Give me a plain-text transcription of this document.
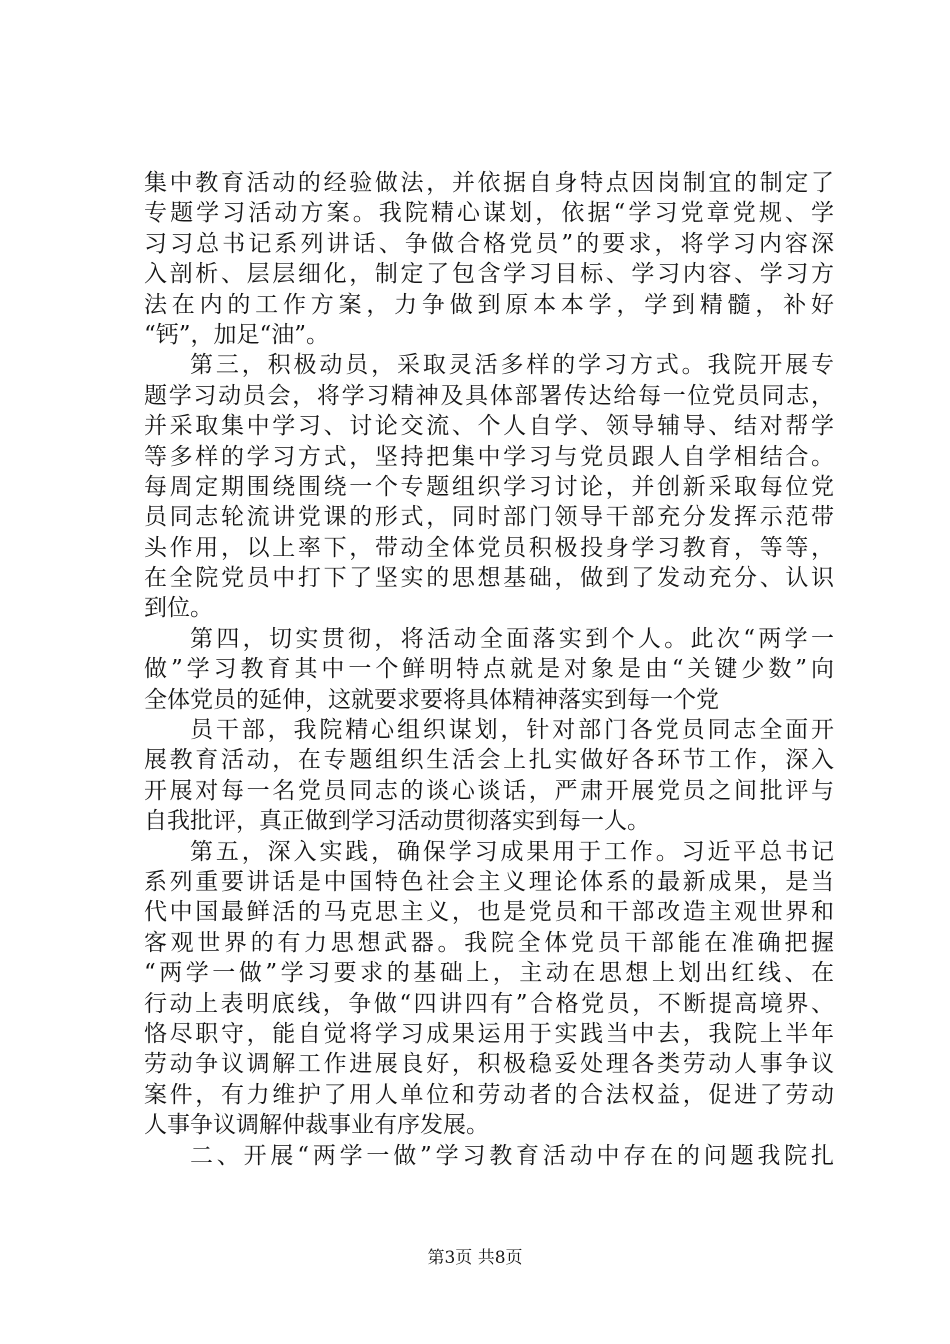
集中教育活动的经验做法，并依据自身特点因岗制宜的制定了
专题学习活动方案。我院精心谋划，依据“学习党章党规、学
习习总书记系列讲话、争做合格党员”的要求，将学习内容深
入剖析、层层细化，制定了包含学习目标、学习内容、学习方
法在内的工作方案，力争做到原本本学，学到精髓，补好
“钙”，加足“油”。
第三，积极动员，采取灵活多样的学习方式。我院开展专
题学习动员会，将学习精神及具体部署传达给每一位党员同志，
并采取集中学习、讨论交流、个人自学、领导辅导、结对帮学
等多样的学习方式，坚持把集中学习与党员跟人自学相结合。
每周定期围绕围绕一个专题组织学习讨论，并创新采取每位党
员同志轮流讲党课的形式，同时部门领导干部充分发挥示范带
头作用，以上率下，带动全体党员积极投身学习教育，等等，
在全院党员中打下了坚实的思想基础，做到了发动充分、认识
到位。
第四，切实贯彻，将活动全面落实到个人。此次“两学一
做”学习教育其中一个鲜明特点就是对象是由“关键少数”向
全体党员的延伸，这就要求要将具体精神落实到每一个党
员干部，我院精心组织谋划，针对部门各党员同志全面开
展教育活动，在专题组织生活会上扎实做好各环节工作，深入
开展对每一名党员同志的谈心谈话，严肃开展党员之间批评与
自我批评，真正做到学习活动贯彻落实到每一人。
第五，深入实践，确保学习成果用于工作。习近平总书记
系列重要讲话是中国特色社会主义理论体系的最新成果，是当
代中国最鲜活的马克思主义，也是党员和干部改造主观世界和
客观世界的有力思想武器。我院全体党员干部能在准确把握
“两学一做”学习要求的基础上，主动在思想上划出红线、在
行动上表明底线，争做“四讲四有”合格党员，不断提高境界、
恪尽职守，能自觉将学习成果运用于实践当中去，我院上半年
劳动争议调解工作进展良好，积极稳妥处理各类劳动人事争议
案件，有力维护了用人单位和劳动者的合法权益，促进了劳动
人事争议调解仲裁事业有序发展。
二、开展“两学一做”学习教育活动中存在的问题我院扎
第3页 共8页
